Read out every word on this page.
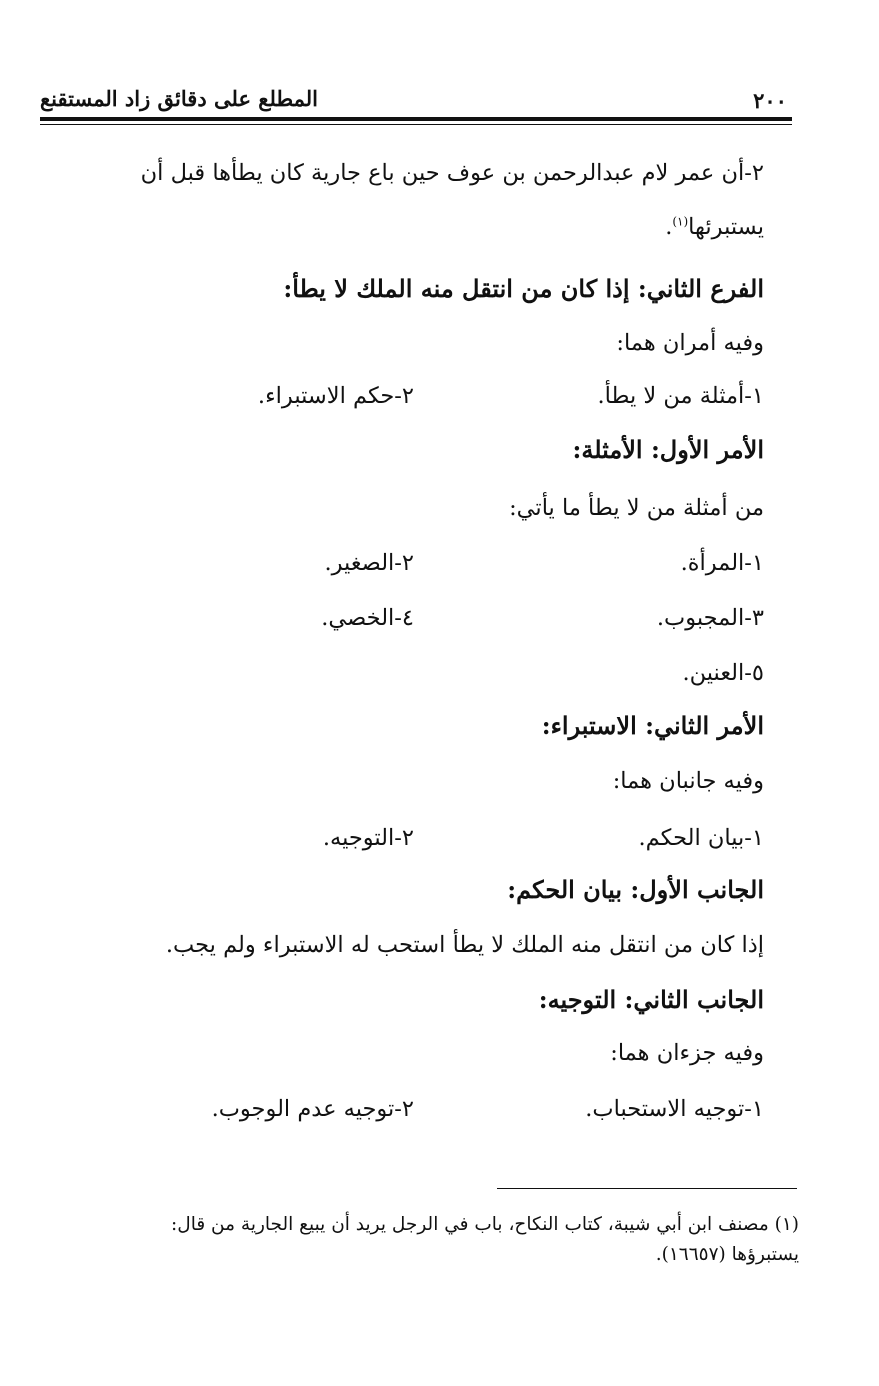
٢٠٠
المطلع على دقائق زاد المستقنع
٢-أن عمر لام عبدالرحمن بن عوف حين باع جارية كان يطأها قبل أن
يستبرئها$^{(١)}$.
الفرع الثاني: إذا كان من انتقل منه الملك لا يطأ:
وفيه أمران هما:
١-أمثلة من لا يطأ.
٢-حكم الاستبراء.
الأمر الأول: الأمثلة:
من أمثلة من لا يطأ ما يأتي:
١-المرأة.
٢-الصغير.
٣-المجبوب.
٤-الخصي.
٥-العنين.
الأمر الثاني: الاستبراء:
وفيه جانبان هما:
١-بيان الحكم.
٢-التوجيه.
الجانب الأول: بيان الحكم:
إذا كان من انتقل منه الملك لا يطأ استحب له الاستبراء ولم يجب.
الجانب الثاني: التوجيه:
وفيه جزءان هما:
١-توجيه الاستحباب.
٢-توجيه عدم الوجوب.
(١) مصنف ابن أبي شيبة، كتاب النكاح، باب في الرجل يريد أن يبيع الجارية من قال:
يستبرؤها (١٦٦٥٧).
